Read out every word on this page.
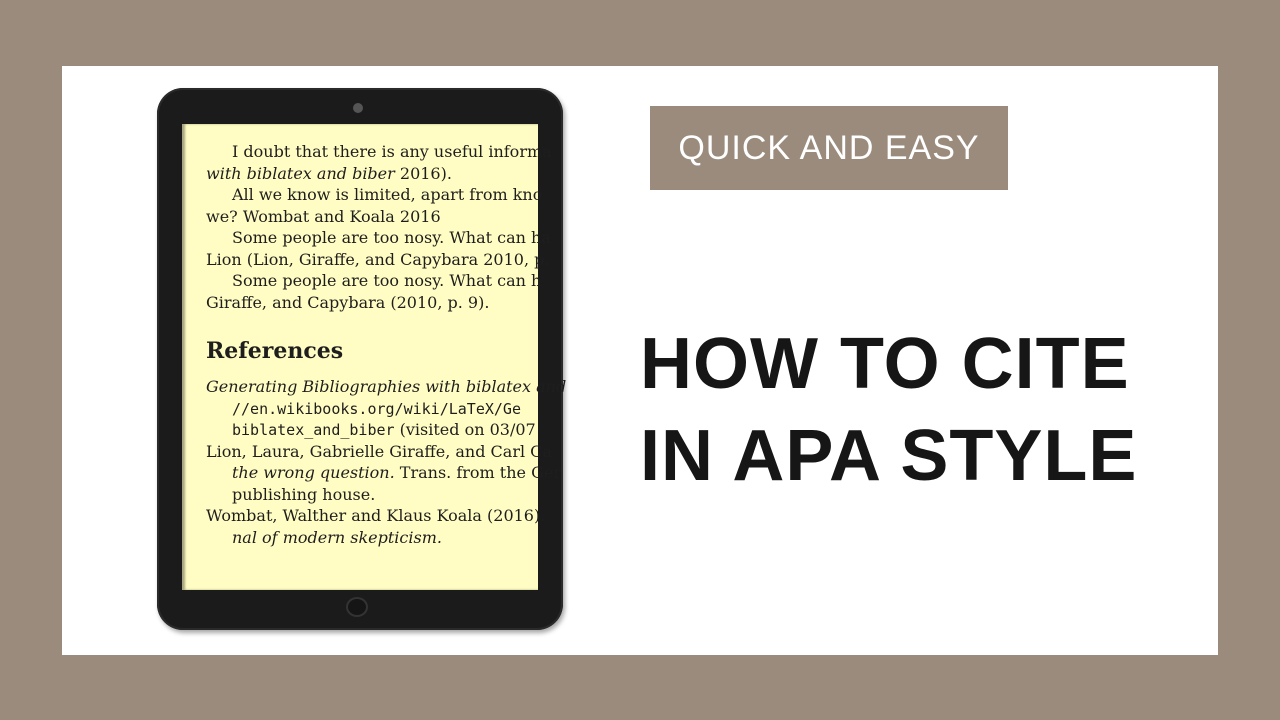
I doubt that there is any useful informa
with biblatex and biber 2016).
All we know is limited, apart from kno
we? Wombat and Koala 2016
Some people are too nosy. What can ha
Lion (Lion, Giraffe, and Capybara 2010, p.
Some people are too nosy. What can h
Giraffe, and Capybara (2010, p. 9).
References
Generating Bibliographies with biblatex and
//en.wikibooks.org/wiki/LaTeX/Ge
biblatex_and_biber (visited on 03/07
Lion, Laura, Gabrielle Giraffe, and Carl Ca
the wrong question. Trans. from the Ger
publishing house.
Wombat, Walther and Klaus Koala (2016).
nal of modern skepticism.
QUICK AND EASY
HOW TO CITE
IN APA STYLE
